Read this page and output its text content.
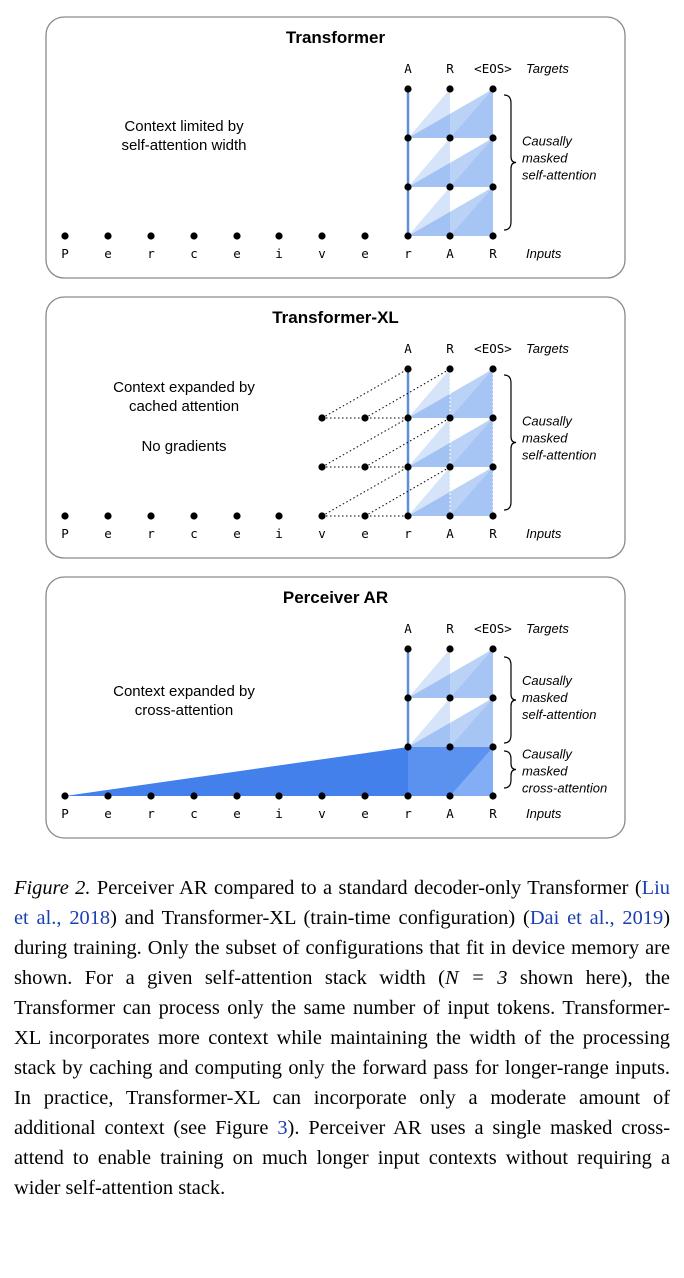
Transformer
P	e	r	c	e	i	v	e	r	A	R
A	R <EOS> Targets
Inputs
Causally
masked
self-attention
Context limited by
self-attention width
Transformer-XL
P	e	r	c	e	i	v	e	r	A	R
A	R <EOS> Targets
Inputs
Causally
masked
self-attention
Context expanded by
cached attention
No gradients
Perceiver AR
P	e	r	c	e	i	v	e	r	A	R
A	R <EOS> Targets
Inputs
Causally
masked
self-attention
Causally
masked
cross-attention
Context expanded by
cross-attention

Figure 2. Perceiver AR compared to a standard decoder-only Transformer (Liu et al., 2018) and Transformer-XL (train-time configuration) (Dai et al., 2019) during training. Only the subset of configurations that fit in device memory are shown. For a given self-attention stack width (N = 3 shown here), the Transformer can process only the same number of input tokens. Transformer-XL incorporates more context while maintaining the width of the processing stack by caching and computing only the forward pass for longer-range inputs. In practice, Transformer-XL can incorporate only a moderate amount of additional context (see Figure 3). Perceiver AR uses a single masked cross-attend to enable training on much longer input contexts without requiring a wider self-attention stack.
